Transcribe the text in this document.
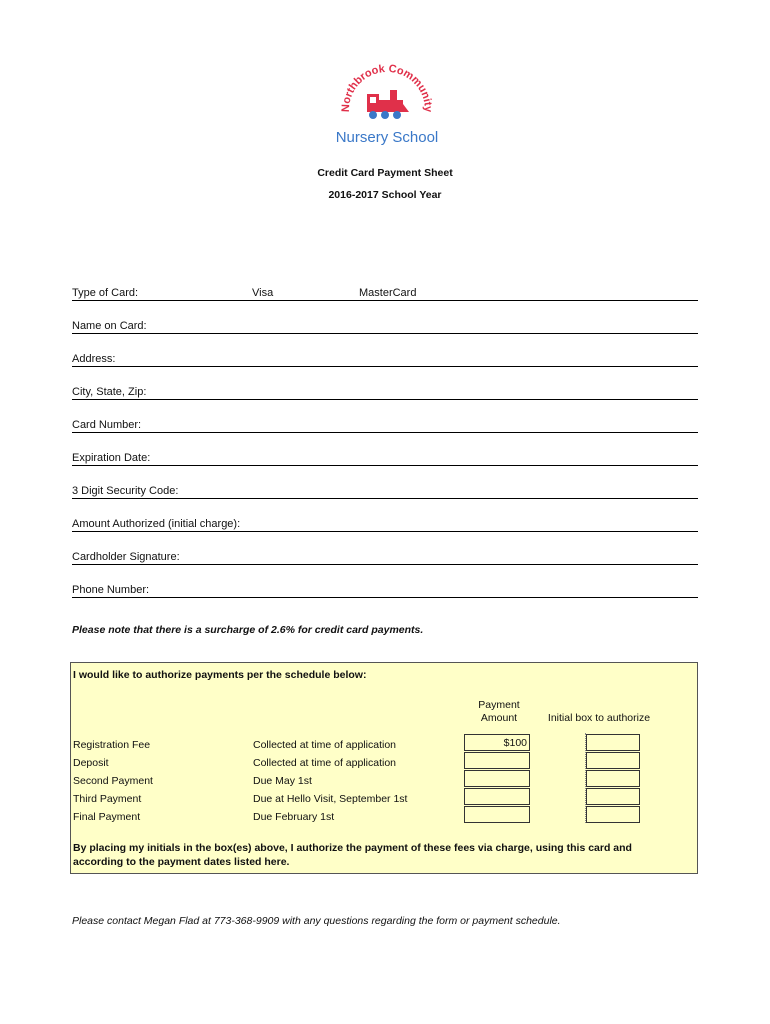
Northbrook Community
Nursery School
Credit Card Payment Sheet
2016-2017 School Year
Type of Card:	Visa	MasterCard
Name on Card:
Address:
City, State, Zip:
Card Number:
Expiration Date:
3 Digit Security Code:
Amount Authorized (initial charge):
Cardholder Signature:
Phone Number:
Please note that there is a surcharge of 2.6% for credit card payments.
I would like to authorize payments per the schedule below:
Payment
Amount	Initial box to authorize
Registration Fee	Collected at time of application	$100
Deposit	Collected at time of application
Second Payment	Due May 1st
Third Payment	Due at Hello Visit, September 1st
Final Payment	Due February 1st
By placing my initials in the box(es) above, I authorize the payment of these fees via charge, using this card and according to the payment dates listed here.
Please contact Megan Flad at 773-368-9909 with any questions regarding the form or payment schedule.
